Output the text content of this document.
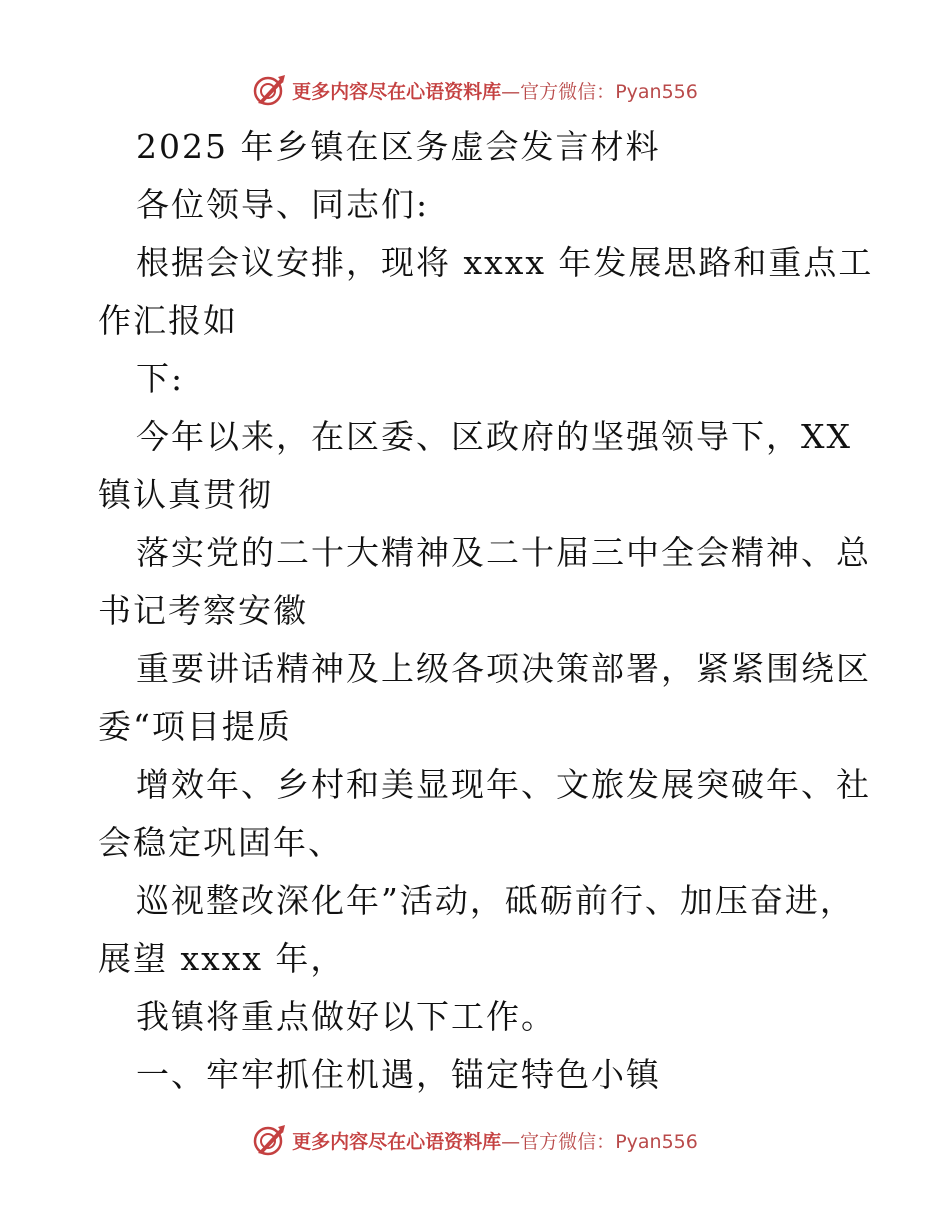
更多内容尽在心语资料库—官方微信：Pyan556
2025 年乡镇在区务虚会发言材料
各位领导、同志们:
根据会议安排，现将 xxxx 年发展思路和重点工
作汇报如
下:
今年以来，在区委、区政府的坚强领导下，XX
镇认真贯彻
落实党的二十大精神及二十届三中全会精神、总
书记考察安徽
重要讲话精神及上级各项决策部署，紧紧围绕区
委“项目提质
增效年、乡村和美显现年、文旅发展突破年、社
会稳定巩固年、
巡视整改深化年”活动，砥砺前行、加压奋进，
展望 xxxx 年，
我镇将重点做好以下工作。
一、牢牢抓住机遇，锚定特色小镇
更多内容尽在心语资料库—官方微信：Pyan556
